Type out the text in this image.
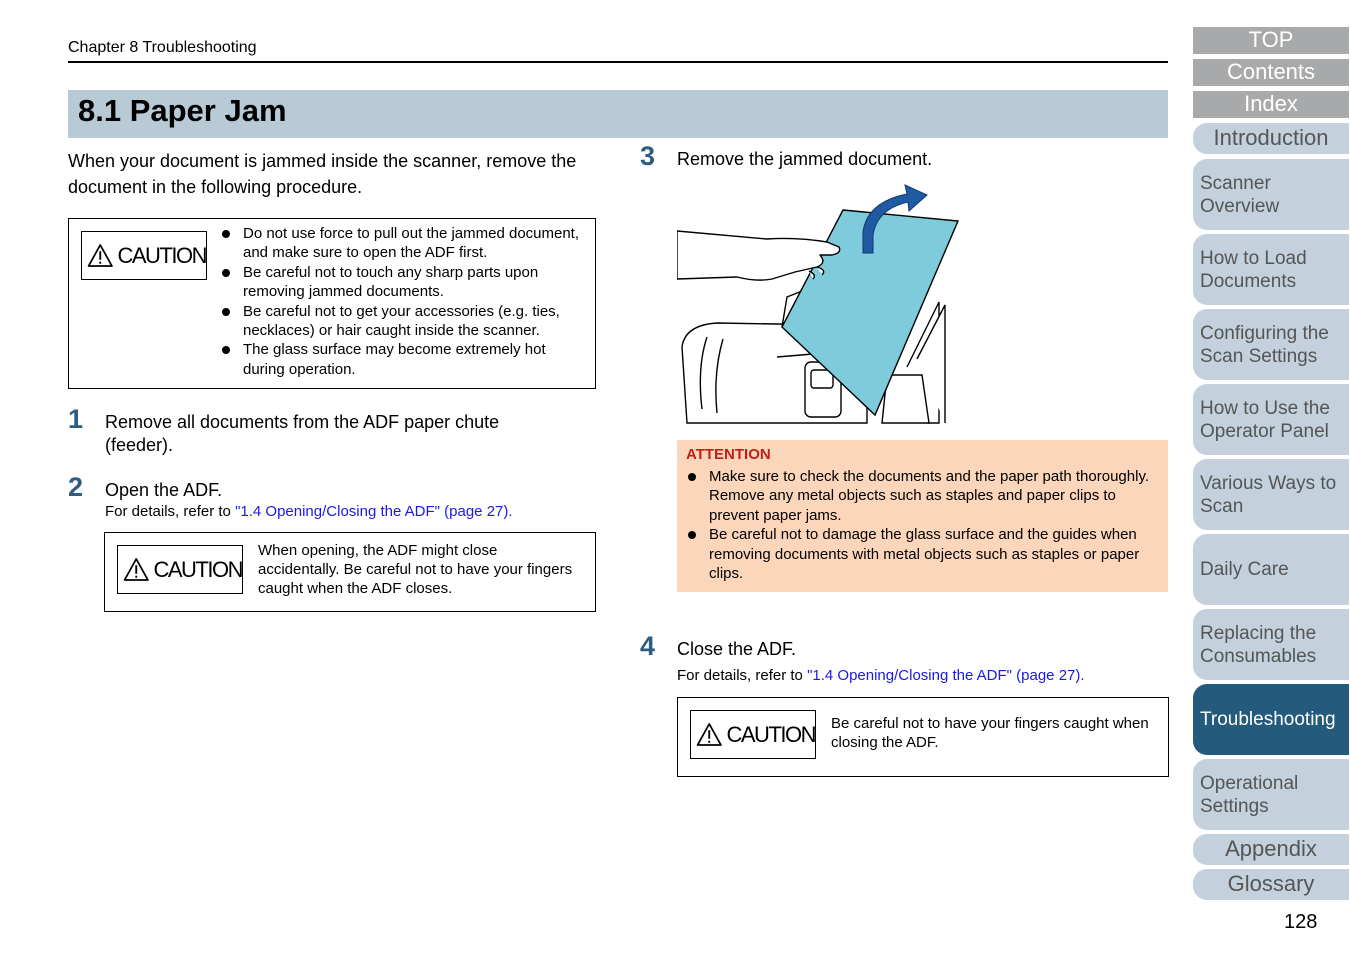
Chapter 8 Troubleshooting
8.1 Paper Jam
When your document is jammed inside the scanner, remove the document in the following procedure.
CAUTION
Do not use force to pull out the jammed document, and make sure to open the ADF first.
Be careful not to touch any sharp parts upon removing jammed documents.
Be careful not to get your accessories (e.g. ties, necklaces) or hair caught inside the scanner.
The glass surface may become extremely hot during operation.
1 Remove all documents from the ADF paper chute (feeder).
2 Open the ADF.
For details, refer to "1.4 Opening/Closing the ADF" (page 27).
CAUTION
When opening, the ADF might close accidentally. Be careful not to have your fingers caught when the ADF closes.
3 Remove the jammed document.
ATTENTION
Make sure to check the documents and the paper path thoroughly. Remove any metal objects such as staples and paper clips to prevent paper jams.
Be careful not to damage the glass surface and the guides when removing documents with metal objects such as staples or paper clips.
4 Close the ADF.
For details, refer to "1.4 Opening/Closing the ADF" (page 27).
CAUTION Be careful not to have your fingers caught when closing the ADF.
128
TOP
Contents
Index
Introduction
Scanner Overview
How to Load Documents
Configuring the Scan Settings
How to Use the Operator Panel
Various Ways to Scan
Daily Care
Replacing the Consumables
Troubleshooting
Operational Settings
Appendix
Glossary
